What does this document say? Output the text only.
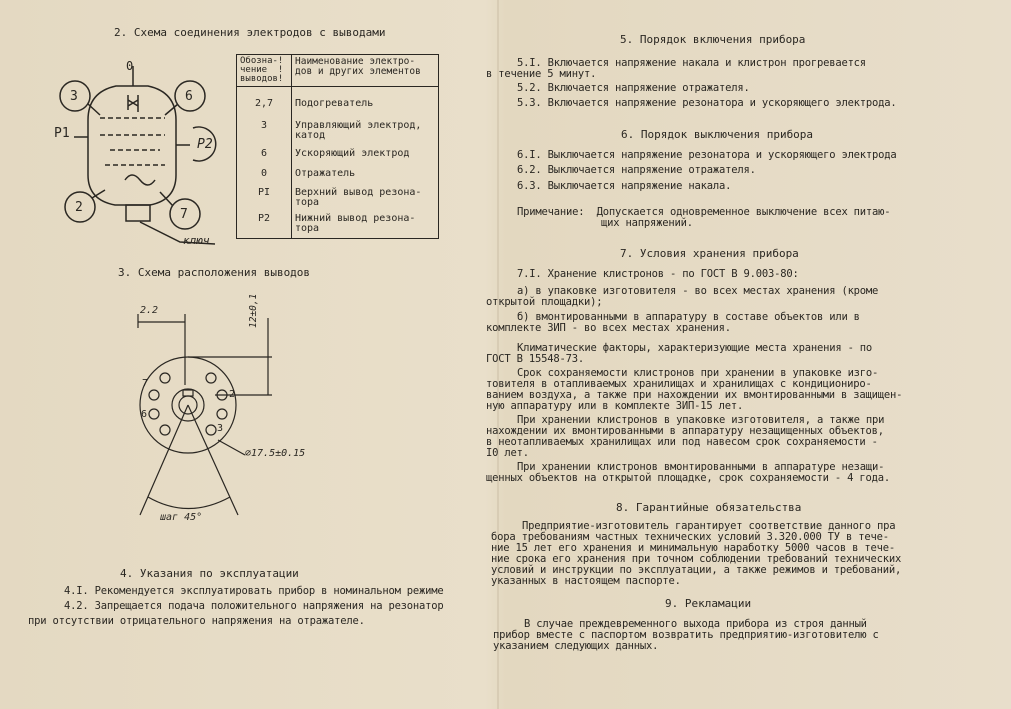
2. Схема соединения электродов с выводами
Обозна-!
чение  !
выводов!	Наименование электро-
дов и других элементов
2,7	Подогреватель
3	Управляющий электрод,
катод
6	Ускоряющий электрод
0	Отражатель
PI	Верхний вывод резона-
тора
Р2	Нижний вывод резона-
тора
0
3	6
2	7
P1
P2
ключ
3. Схема расположения выводов
2.2	12±0,1
⌀17.5±0.15
шаг 45°
7
6
2
3
4. Указания по эксплуатации
4.I. Рекомендуется эксплуатировать прибор в номинальном режиме
4.2. Запрещается подача положительного напряжения на резонатор
при отсутствии отрицательного напряжения на отражателе.
5. Порядок включения прибора
5.I. Включается напряжение накала и клистрон прогревается
в течение 5 минут.
5.2. Включается напряжение отражателя.
5.3. Включается напряжение резонатора и ускоряющего электрода.
6. Порядок выключения прибора
6.I. Выключается напряжение резонатора и ускоряющего электрода
6.2. Выключается напряжение отражателя.
6.3. Выключается напряжение накала.
Примечание:  Допускается одновременное выключение всех питаю-
щих напряжений.
7. Условия хранения прибора
7.I. Хранение клистронов - по ГОСТ В 9.003-80:
а) в упаковке изготовителя - во всех местах хранения (кроме
открытой площадки);
б) вмонтированными в аппаратуру в составе объектов или в
комплекте ЗИП - во всех местах хранения.
Климатические факторы, характеризующие места хранения - по
ГОСТ В 15548-73.
Срок сохраняемости клистронов при хранении в упаковке изго-
товителя в отапливаемых хранилищах и хранилищах с кондициониро-
ванием воздуха, а также при нахождении их вмонтированными в защищен-
ную аппаратуру или в комплекте ЗИП-15 лет.
При хранении клистронов в упаковке изготовителя, а также при
нахождении их вмонтированными в аппаратуру незащищенных объектов,
в неотапливаемых хранилищах или под навесом срок сохраняемости -
I0 лет.
При хранении клистронов вмонтированными в аппаратуре незащи-
щенных объектов на открытой площадке, срок сохраняемости - 4 года.
8. Гарантийные обязательства
Предприятие-изготовитель гарантирует соответствие данного пра
бора требованиям частных технических условий З.320.000 ТУ в тече-
ние 15 лет его хранения и минимальную наработку 5000 часов в тече-
ние срока его хранения при точном соблюдении требований технических
условий и инструкции по эксплуатации, а также режимов и требований,
указанных в настоящем паспорте.
9. Рекламации
В случае преждевременного выхода прибора из строя данный
прибор вместе с паспортом возвратить предприятию-изготовителю с
указанием следующих данных.
